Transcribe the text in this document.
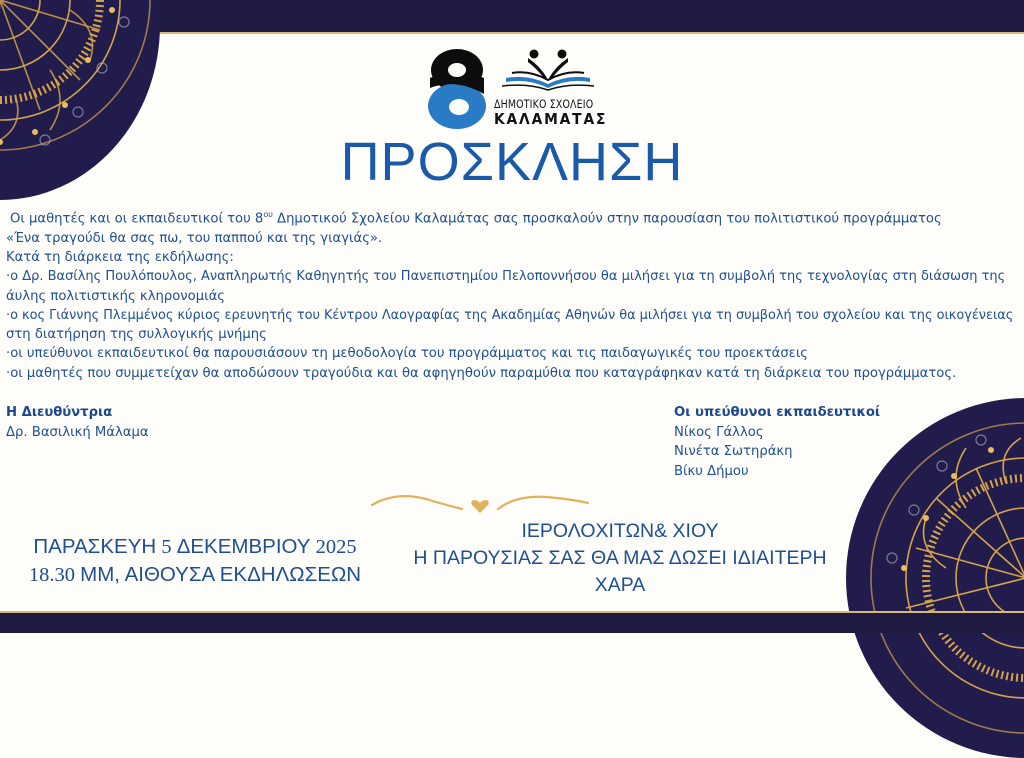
ΔΗΜΟΤΙΚΟ ΣΧΟΛΕΙΟ
ΚΑΛΑΜΑΤΑΣ
ΠΡΟΣΚΛΗΣΗ

Οι μαθητές και οι εκπαιδευτικοί του $8^{o\upsilon}$ Δημοτικού Σχολείου Καλαμάτας σας προσκαλούν στην παρουσίαση του πολιτιστικού προγράμματος

«Ένα τραγούδι θα σας πω, του παππού και της γιαγιάς».

Κατά τη διάρκεια της εκδήλωσης:

·ο Δρ. Βασίλης Πουλόπουλος, Αναπληρωτής Καθηγητής του Πανεπιστημίου Πελοποννήσου θα μιλήσει για τη συμβολή της τεχνολογίας στη διάσωση της

άυλης πολιτιστικής κληρονομιάς

·ο κος Γιάννης Πλεμμένος κύριος ερευνητής του Κέντρου Λαογραφίας της Ακαδημίας Αθηνών θα μιλήσει για τη συμβολή του σχολείου και της οικογένειας

στη διατήρηση της συλλογικής μνήμης

·οι υπεύθυνοι εκπαιδευτικοί θα παρουσιάσουν τη μεθοδολογία του προγράμματος και τις παιδαγωγικές του προεκτάσεις

·οι μαθητές που συμμετείχαν θα αποδώσουν τραγούδια και θα αφηγηθούν παραμύθια που καταγράφηκαν κατά τη διάρκεια του προγράμματος.

Η Διευθύντρια
Δρ. Βασιλική Μάλαμα
Οι υπεύθυνοι εκπαιδευτικοί
Νίκος Γάλλος
Νινέτα Σωτηράκη
Βίκυ Δήμου
ΠΑΡΑΣΚΕΥΗ 5 ΔΕΚΕΜΒΡΙΟΥ 2025
18.30 ΜΜ, ΑΙΘΟΥΣΑ ΕΚΔΗΛΩΣΕΩΝ
ΙΕΡΟΛΟΧΙΤΩΝ& ΧΙΟΥ
Η ΠΑΡΟΥΣΙΑΣ ΣΑΣ ΘΑ ΜΑΣ ΔΩΣΕΙ ΙΔΙΑΙΤΕΡΗ
ΧΑΡΑ
